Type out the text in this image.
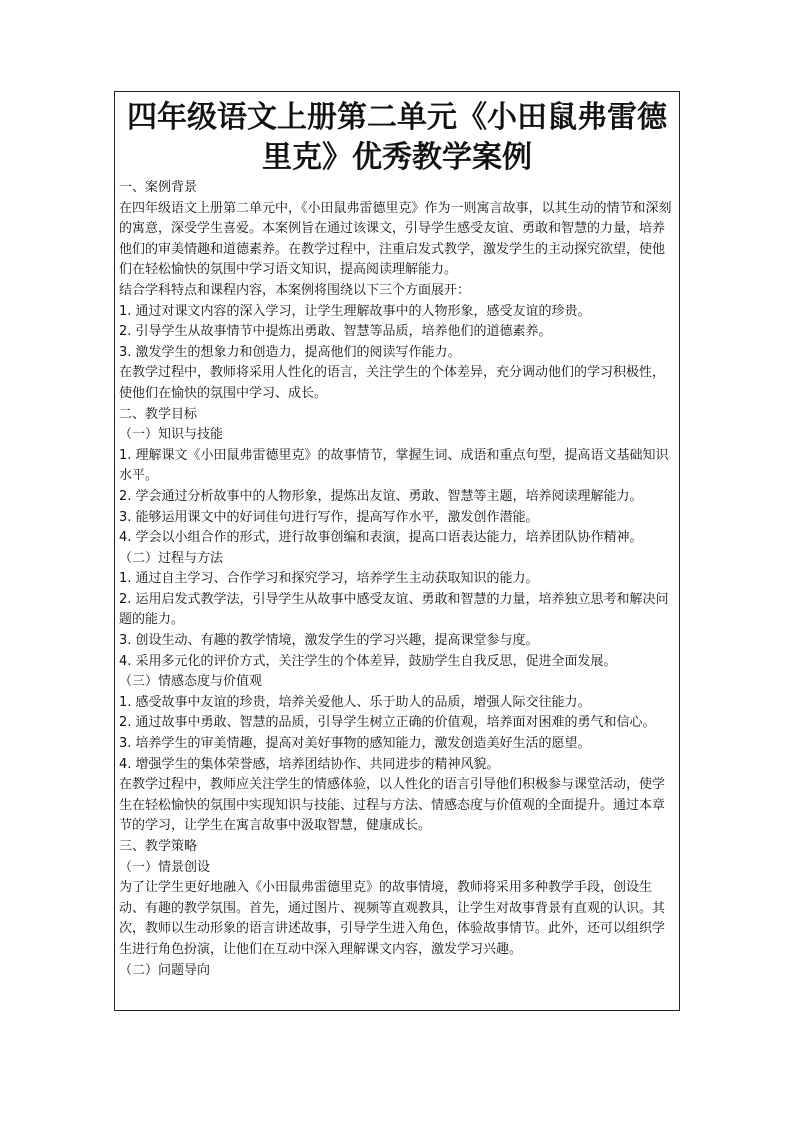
四年级语文上册第二单元《小田鼠弗雷德里克》优秀教学案例

一、案例背景

在四年级语文上册第二单元中，《小田鼠弗雷德里克》作为一则寓言故事，以其生动的情节和深刻的寓意，深受学生喜爱。本案例旨在通过该课文，引导学生感受友谊、勇敢和智慧的力量，培养他们的审美情趣和道德素养。在教学过程中，注重启发式教学，激发学生的主动探究欲望，使他们在轻松愉快的氛围中学习语文知识，提高阅读理解能力。

结合学科特点和课程内容，本案例将围绕以下三个方面展开：

1. 通过对课文内容的深入学习，让学生理解故事中的人物形象，感受友谊的珍贵。

2. 引导学生从故事情节中提炼出勇敢、智慧等品质，培养他们的道德素养。

3. 激发学生的想象力和创造力，提高他们的阅读写作能力。

在教学过程中，教师将采用人性化的语言，关注学生的个体差异，充分调动他们的学习积极性，使他们在愉快的氛围中学习、成长。

二、教学目标

（一）知识与技能

1. 理解课文《小田鼠弗雷德里克》的故事情节，掌握生词、成语和重点句型，提高语文基础知识水平。

2. 学会通过分析故事中的人物形象，提炼出友谊、勇敢、智慧等主题，培养阅读理解能力。

3. 能够运用课文中的好词佳句进行写作，提高写作水平，激发创作潜能。

4. 学会以小组合作的形式，进行故事创编和表演，提高口语表达能力，培养团队协作精神。

（二）过程与方法

1. 通过自主学习、合作学习和探究学习，培养学生主动获取知识的能力。

2. 运用启发式教学法，引导学生从故事中感受友谊、勇敢和智慧的力量，培养独立思考和解决问题的能力。

3. 创设生动、有趣的教学情境，激发学生的学习兴趣，提高课堂参与度。

4. 采用多元化的评价方式，关注学生的个体差异，鼓励学生自我反思，促进全面发展。

（三）情感态度与价值观

1. 感受故事中友谊的珍贵，培养关爱他人、乐于助人的品质，增强人际交往能力。

2. 通过故事中勇敢、智慧的品质，引导学生树立正确的价值观，培养面对困难的勇气和信心。

3. 培养学生的审美情趣，提高对美好事物的感知能力，激发创造美好生活的愿望。

4. 增强学生的集体荣誉感，培养团结协作、共同进步的精神风貌。

在教学过程中，教师应关注学生的情感体验，以人性化的语言引导他们积极参与课堂活动，使学生在轻松愉快的氛围中实现知识与技能、过程与方法、情感态度与价值观的全面提升。通过本章节的学习，让学生在寓言故事中汲取智慧，健康成长。

三、教学策略

（一）情景创设

为了让学生更好地融入《小田鼠弗雷德里克》的故事情境，教师将采用多种教学手段，创设生动、有趣的教学氛围。首先，通过图片、视频等直观教具，让学生对故事背景有直观的认识。其次，教师以生动形象的语言讲述故事，引导学生进入角色，体验故事情节。此外，还可以组织学生进行角色扮演，让他们在互动中深入理解课文内容，激发学习兴趣。

（二）问题导向
